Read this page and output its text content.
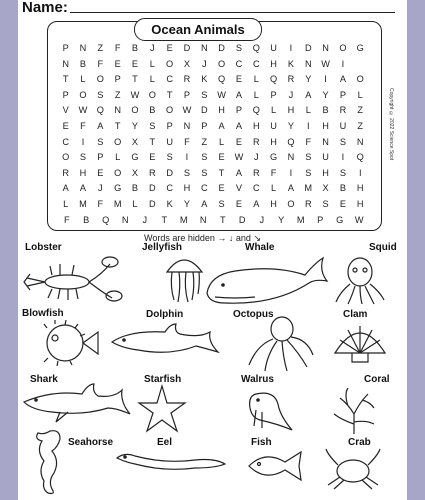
Name:
Ocean Animals
P	N	Z	F	B	J	E	D	N	D	S	Q	U	I	D	N	O	G
N	B	F	E	E	L	O	X	J	O	C	C	H	K	N	W	I
T	L	O	P	T	L	C	R	K	Q	E	L	Q	R	Y	I	A	O
P	O	S	Z	W	O	T	P	S	W	A	L	P	J	A	Y	P	L
V	W	Q	N	O	B	O	W	D	H	P	Q	L	H	L	B	R	Z
E	F	A	T	Y	S	P	N	P	A	A	H	U	Y	I	H	U	Z
C	I	S	O	X	T	U	F	Z	L	E	R	H	Q	F	N	S	N
O	S	P	L	G	E	S	I	S	E	W	J	G	N	S	U	I	Q
R	H	E	O	X	R	D	S	S	T	A	R	F	I	S	H	S	I
A	A	J	G	B	D	C	H	C	E	V	C	L	A	M	X	B	H
L	M	F	M	L	D	K	Y	A	S	E	A	H	O	R	S	E	H
F	B	Q	N	J	T	M	N	T	D	J	Y	M	P	G	W
Copyright © 2022 Science Spot
Words are hidden → ↓ and ↘
Lobster	Jellyfish	Whale	Squid
Blowfish	Dolphin	Octopus	Clam
Shark	Starfish	Walrus	Coral
Seahorse	Eel	Fish	Crab
